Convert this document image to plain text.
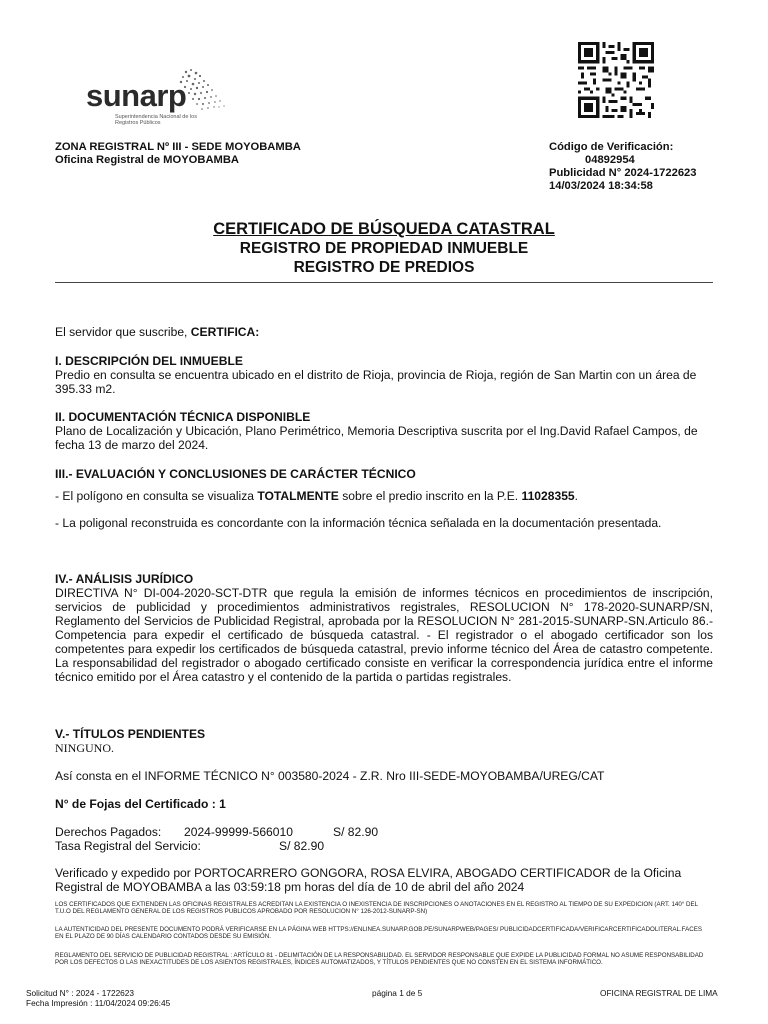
sunarp
Superintendencia Nacional de los Registros Públicos
ZONA REGISTRAL Nº III - SEDE MOYOBAMBA
Oficina Registral de MOYOBAMBA
Código de Verificación:
04892954
Publicidad N° 2024-1722623
14/03/2024 18:34:58
CERTIFICADO DE BÚSQUEDA CATASTRAL
REGISTRO DE PROPIEDAD INMUEBLE
REGISTRO DE PREDIOS
El servidor que suscribe, CERTIFICA:
I. DESCRIPCIÓN DEL INMUEBLE
Predio en consulta se encuentra ubicado en el distrito de Rioja, provincia de Rioja, región de San Martin con un área de 395.33 m2.
II. DOCUMENTACIÓN TÉCNICA DISPONIBLE
Plano de Localización y Ubicación, Plano Perimétrico, Memoria Descriptiva suscrita por el Ing.David Rafael Campos, de fecha 13 de marzo del 2024.
III.- EVALUACIÓN Y CONCLUSIONES DE CARÁCTER TÉCNICO
- El polígono en consulta se visualiza TOTALMENTE sobre el predio inscrito en la P.E. 11028355.
- La poligonal reconstruida es concordante con la información técnica señalada en la documentación presentada.
IV.- ANÁLISIS JURÍDICO
DIRECTIVA N° DI-004-2020-SCT-DTR que regula la emisión de informes técnicos en procedimientos de inscripción, servicios de publicidad y procedimientos administrativos registrales, RESOLUCION N° 178-2020-SUNARP/SN, Reglamento del Servicios de Publicidad Registral, aprobada por la RESOLUCION N° 281-2015-SUNARP-SN.Articulo 86.- Competencia para expedir el certificado de búsqueda catastral. - El registrador o el abogado certificador son los competentes para expedir los certificados de búsqueda catastral, previo informe técnico del Área de catastro competente. La responsabilidad del registrador o abogado certificado consiste en verificar la correspondencia jurídica entre el informe técnico emitido por el Área catastro y el contenido de la partida o partidas registrales.
V.- TÍTULOS PENDIENTES
NINGUNO.
Así consta en el INFORME TÉCNICO N° 003580-2024 - Z.R. Nro III-SEDE-MOYOBAMBA/UREG/CAT
N° de Fojas del Certificado : 1
Derechos Pagados: 2024-99999-566010	S/ 82.90
Tasa Registral del Servicio:	S/ 82.90
Verificado y expedido por PORTOCARRERO GONGORA, ROSA ELVIRA, ABOGADO CERTIFICADOR de la Oficina Registral de MOYOBAMBA a las 03:59:18 pm horas del día de 10 de abril del año 2024
LOS CERTIFICADOS QUE EXTIENDEN LAS OFICINAS REGISTRALES ACREDITAN LA EXISTENCIA O INEXISTENCIA DE INSCRIPCIONES O ANOTACIONES EN EL REGISTRO AL TIEMPO DE SU EXPEDICION (ART. 140° DEL T.U.O DEL REGLAMENTO GENERAL DE LOS REGISTROS PUBLICOS APROBADO POR RESOLUCION N° 126-2012-SUNARP-SN)
LA AUTENTICIDAD DEL PRESENTE DOCUMENTO PODRÁ VERIFICARSE EN LA PÁGINA WEB HTTPS://ENLINEA.SUNARP.GOB.PE/SUNARPWEB/PAGES/ PUBLICIDADCERTIFICADA/VERIFICARCERTIFICADOLITERAL.FACES EN EL PLAZO DE 90 DÍAS CALENDARIO CONTADOS DESDE SU EMISIÓN.
REGLAMENTO DEL SERVICIO DE PUBLICIDAD REGISTRAL : ARTÍCULO 81 - DELIMITACIÓN DE LA RESPONSABILIDAD. EL SERVIDOR RESPONSABLE QUE EXPIDE LA PUBLICIDAD FORMAL NO ASUME RESPONSABILIDAD POR LOS DEFECTOS O LAS INEXACTITUDES DE LOS ASIENTOS REGISTRALES, ÍNDICES AUTOMATIZADOS, Y TÍTULOS PENDIENTES QUE NO CONSTEN EN EL SISTEMA INFORMÁTICO.
Solicitud N° : 2024 - 1722623
Fecha Impresión : 11/04/2024 09:26:45
página 1 de 5	OFICINA REGISTRAL DE LIMA
